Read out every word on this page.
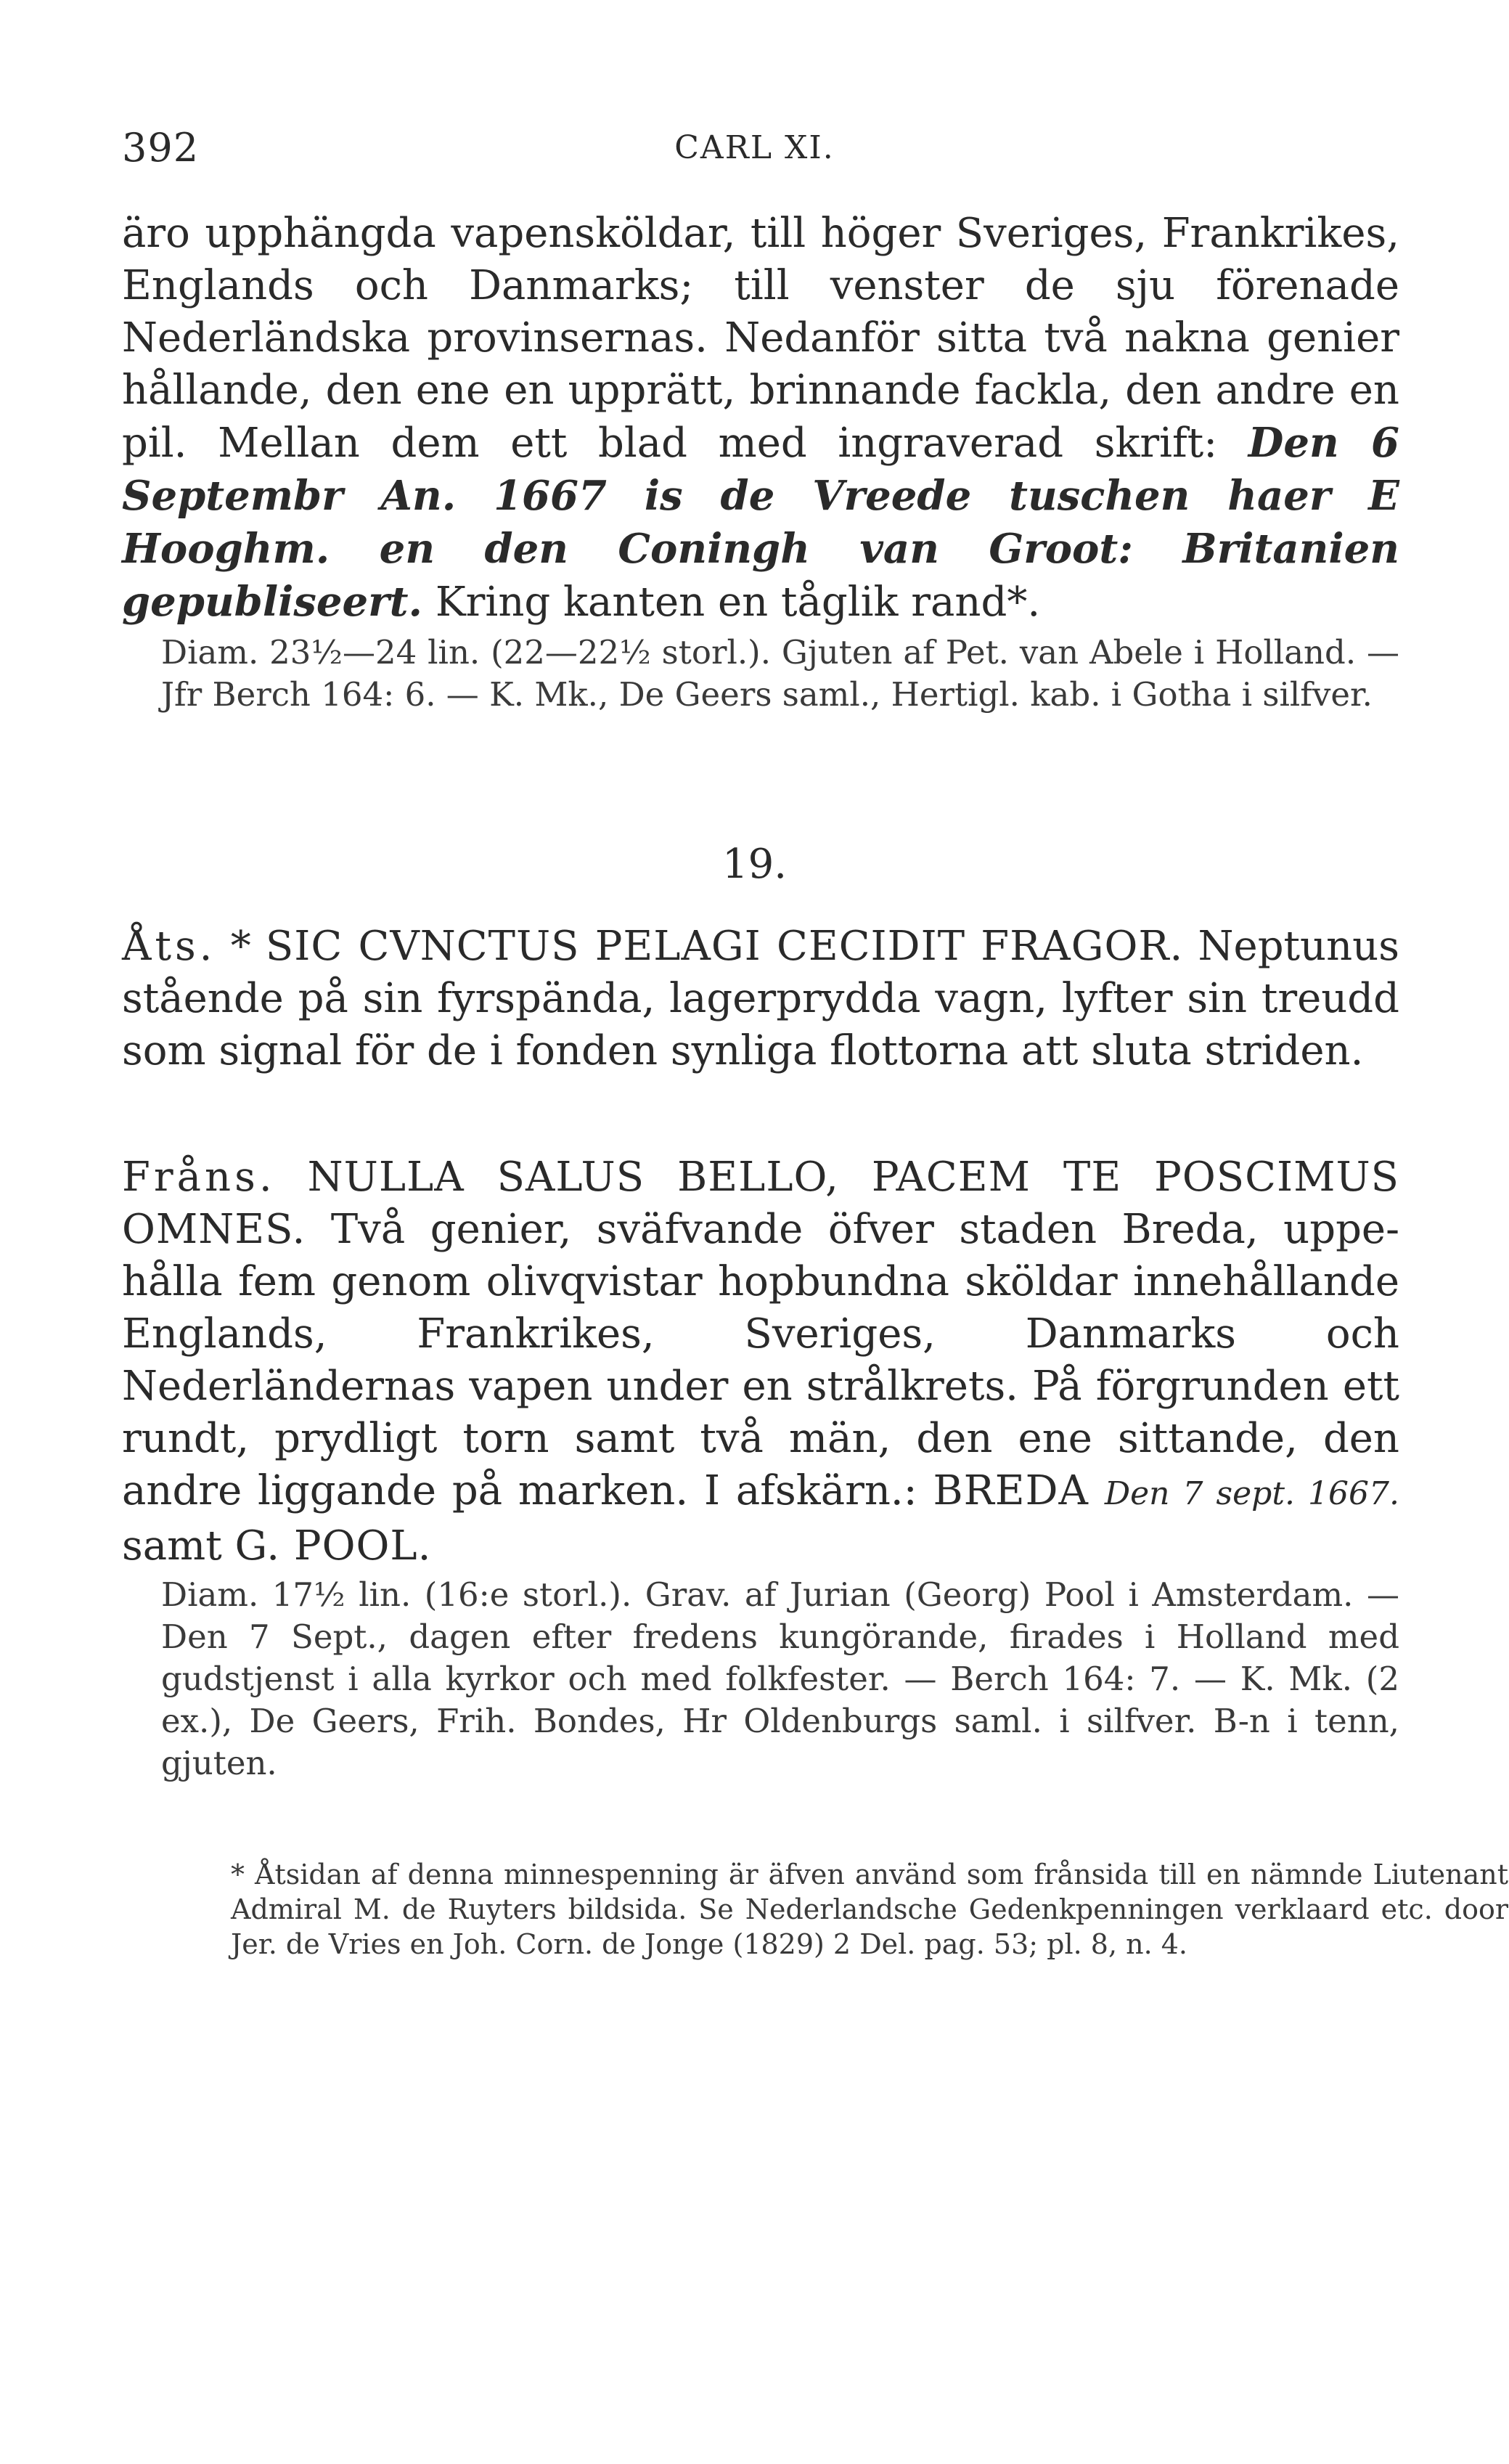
392	CARL XI.
äro upphängda vapensköldar, till höger Sveriges, Frankrikes, Englands och Danmarks; till venster de sju förenade Nederländska provinsernas. Nedanför sitta två nakna genier hållande, den ene en upprätt, brinnande fackla, den andre en pil. Mellan dem ett blad med ingraverad skrift: Den 6 Septembr An. 1667 is de Vreede tuschen haer E Hooghm. en den Coningh van Groot: Britanien gepubliseert. Kring kanten en tåglik rand*.
Diam. 23½—24 lin. (22—22½ storl.). Gjuten af Pet. van Abele i Holland. — Jfr Berch 164: 6. — K. Mk., De Geers saml., Hertigl. kab. i Gotha i silfver.
19.
Åts. * SIC CVNCTUS PELAGI CECIDIT FRAGOR. Neptunus stående på sin fyrspända, lagerprydda vagn, lyfter sin treudd som signal för de i fonden synliga flottorna att sluta striden.
Fråns. NULLA SALUS BELLO, PACEM TE POSCIMUS OMNES. Två genier, sväfvande öfver staden Breda, uppehålla fem genom olivqvistar hopbundna sköldar innehållande Englands, Frankrikes, Sveriges, Danmarks och Nederländernas vapen under en strålkrets. På förgrunden ett rundt, prydligt torn samt två män, den ene sittande, den andre liggande på marken. I afskärn.: BREDA Den 7 sept. 1667. samt G. POOL.
Diam. 17½ lin. (16:e storl.). Grav. af Jurian (Georg) Pool i Amsterdam. — Den 7 Sept., dagen efter fredens kungörande, firades i Holland med gudstjenst i alla kyrkor och med folkfester. — Berch 164: 7. — K. Mk. (2 ex.), De Geers, Frih. Bondes, Hr Oldenburgs saml. i silfver. B-n i tenn, gjuten.
* Åtsidan af denna minnespenning är äfven använd som frånsida till en nämnde Liutenant Admiral M. de Ruyters bildsida. Se Nederlandsche Gedenkpenningen verklaard etc. door Jer. de Vries en Joh. Corn. de Jonge (1829) 2 Del. pag. 53; pl. 8, n. 4.
